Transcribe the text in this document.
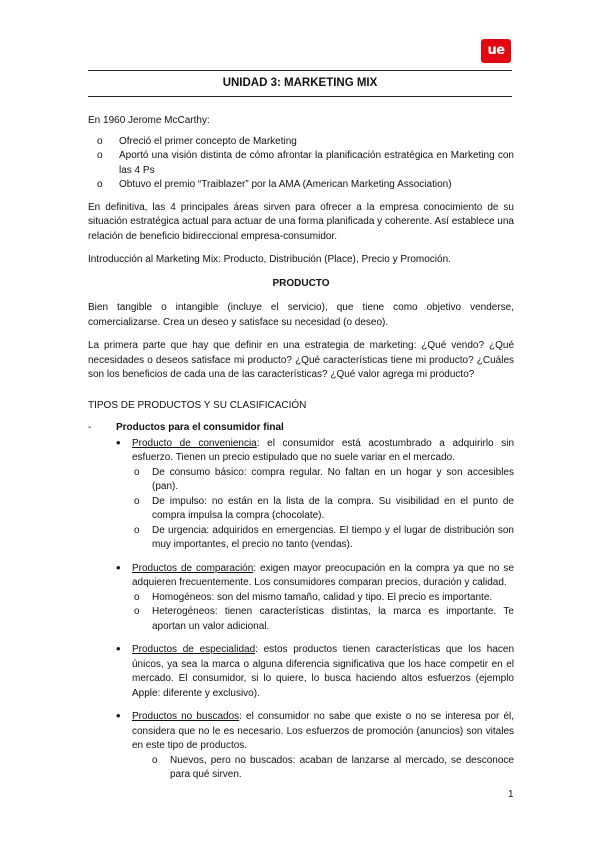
ue
UNIDAD 3: MARKETING MIX

En 1960 Jerome McCarthy:

o Ofreció el primer concepto de Marketing
o Aportó una visión distinta de cómo afrontar la planificación estratégica en Marketing con las 4 Ps
o Obtuvo el premio “Traiblazer” por la AMA (American Marketing Association)

En definitiva, las 4 principales áreas sirven para ofrecer a la empresa conocimiento de su situación estratégica actual para actuar de una forma planificada y coherente. Así establece una relación de beneficio bidireccional empresa-consumidor.

Introducción al Marketing Mix: Producto, Distribución (Place), Precio y Promoción.

PRODUCTO

Bien tangible o intangible (incluye el servicio), que tiene como objetivo venderse, comercializarse. Crea un deseo y satisface su necesidad (o deseo).

La primera parte que hay que definir en una estrategia de marketing: ¿Qué vendo? ¿Qué necesidades o deseos satisface mi producto? ¿Qué características tiene mi producto? ¿Cuáles son los beneficios de cada una de las características? ¿Qué valor agrega mi producto?

TIPOS DE PRODUCTOS Y SU CLASIFICACIÓN

- Productos para el consumidor final
• Producto de conveniencia: el consumidor está acostumbrado a adquirirlo sin esfuerzo. Tienen un precio estipulado que no suele variar en el mercado.
o De consumo básico: compra regular. No faltan en un hogar y son accesibles (pan).
o De impulso: no están en la lista de la compra. Su visibilidad en el punto de compra impulsa la compra (chocolate).
o De urgencia: adquiridos en emergencias. El tiempo y el lugar de distribución son muy importantes, el precio no tanto (vendas).
• Productos de comparación: exigen mayor preocupación en la compra ya que no se adquieren frecuentemente. Los consumidores comparan precios, duración y calidad.
o Homogéneos: son del mismo tamaño, calidad y tipo. El precio es importante.
o Heterogéneos: tienen características distintas, la marca es importante. Te aportan un valor adicional.
• Productos de especialidad: estos productos tienen características que los hacen únicos, ya sea la marca o alguna diferencia significativa que los hace competir en el mercado. El consumidor, si lo quiere, lo busca haciendo altos esfuerzos (ejemplo Apple: diferente y exclusivo).
• Productos no buscados: el consumidor no sabe que existe o no se interesa por él, considera que no le es necesario. Los esfuerzos de promoción (anuncios) son vitales en este tipo de productos.
o Nuevos, pero no buscados: acaban de lanzarse al mercado, se desconoce para qué sirven.
1
